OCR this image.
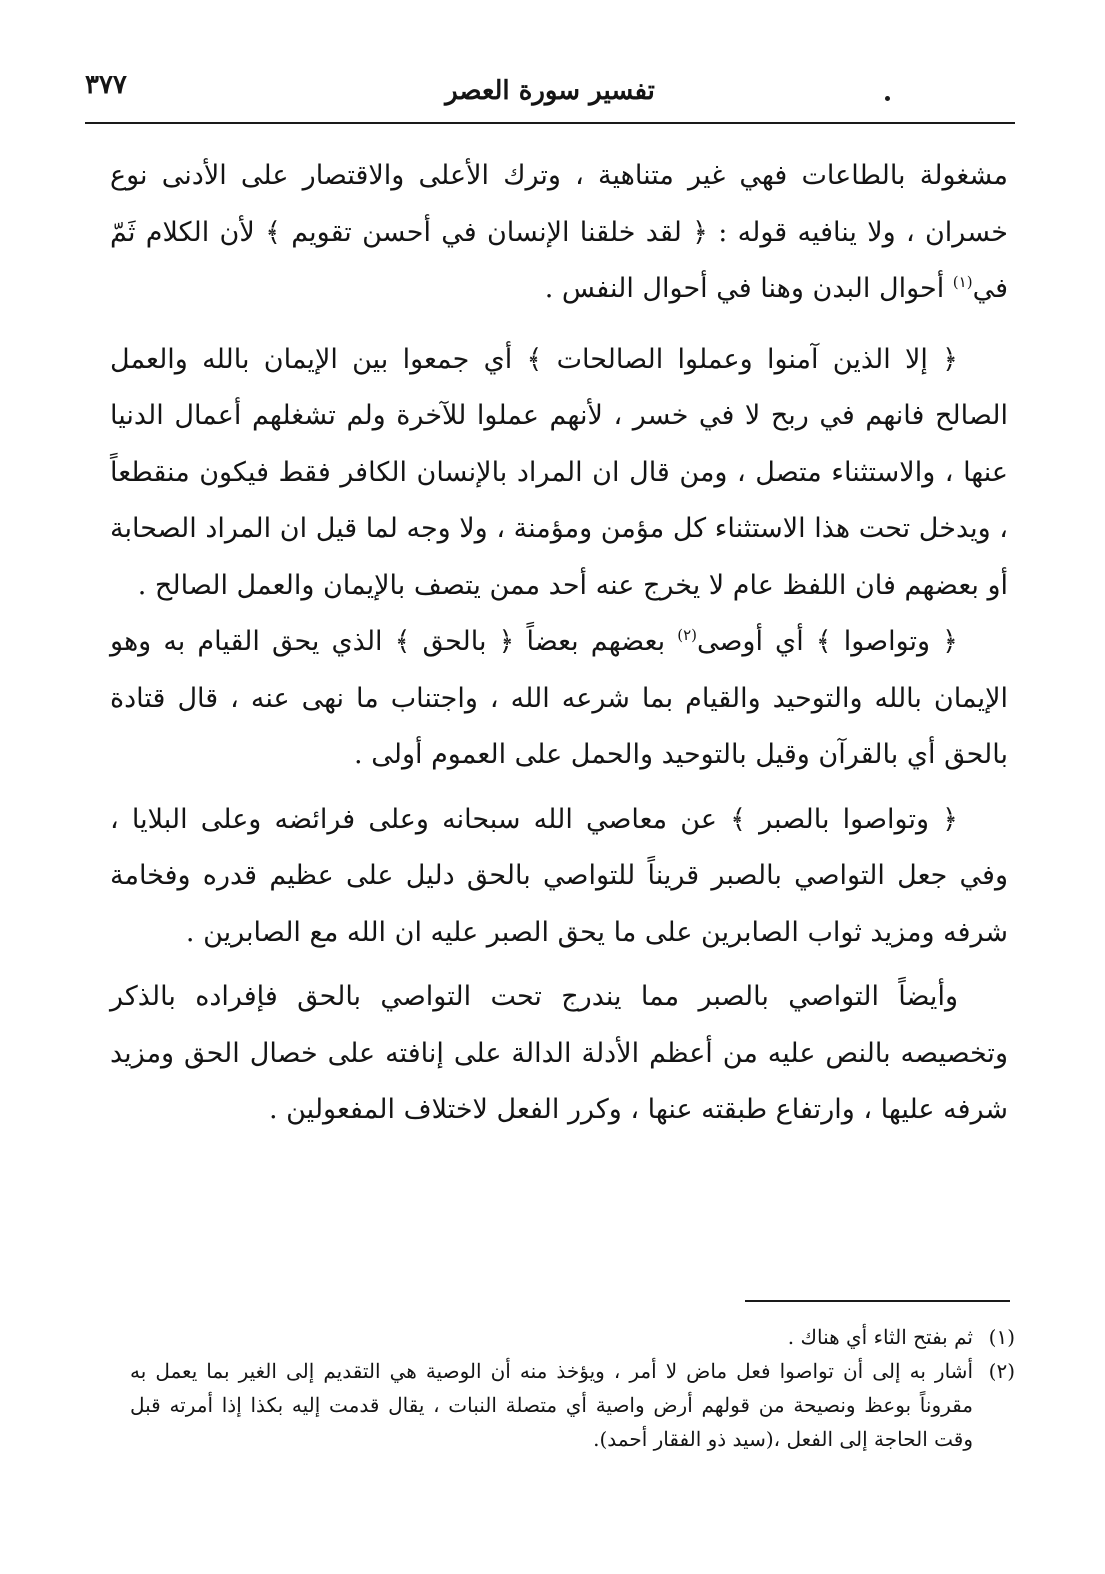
٣٧٧	تفسير سورة العصر

مشغولة بالطاعات فهي غير متناهية ، وترك الأعلى والاقتصار على الأدنى نوع خسران ، ولا ينافيه قوله : ﴿ لقد خلقنا الإنسان في أحسن تقويم ﴾ لأن الكلام ثَمّ في$^{(١)}$ أحوال البدن وهنا في أحوال النفس .

﴿ إلا الذين آمنوا وعملوا الصالحات ﴾ أي جمعوا بين الإيمان بالله والعمل الصالح فانهم في ربح لا في خسر ، لأنهم عملوا للآخرة ولم تشغلهم أعمال الدنيا عنها ، والاستثناء متصل ، ومن قال ان المراد بالإنسان الكافر فقط فيكون منقطعاً ، ويدخل تحت هذا الاستثناء كل مؤمن ومؤمنة ، ولا وجه لما قيل ان المراد الصحابة أو بعضهم فان اللفظ عام لا يخرج عنه أحد ممن يتصف بالإيمان والعمل الصالح .

﴿ وتواصوا ﴾ أي أوصى$^{(٢)}$ بعضهم بعضاً ﴿ بالحق ﴾ الذي يحق القيام به وهو الإيمان بالله والتوحيد والقيام بما شرعه الله ، واجتناب ما نهى عنه ، قال قتادة بالحق أي بالقرآن وقيل بالتوحيد والحمل على العموم أولى .

﴿ وتواصوا بالصبر ﴾ عن معاصي الله سبحانه وعلى فرائضه وعلى البلايا ، وفي جعل التواصي بالصبر قريناً للتواصي بالحق دليل على عظيم قدره وفخامة شرفه ومزيد ثواب الصابرين على ما يحق الصبر عليه ان الله مع الصابرين .

وأيضاً التواصي بالصبر مما يندرج تحت التواصي بالحق فإفراده بالذكر وتخصيصه بالنص عليه من أعظم الأدلة الدالة على إنافته على خصال الحق ومزيد شرفه عليها ، وارتفاع طبقته عنها ، وكرر الفعل لاختلاف المفعولين .

(١)
ثم بفتح الثاء أي هناك .

(٢)
أشار به إلى أن تواصوا فعل ماض لا أمر ، ويؤخذ منه أن الوصية هي التقديم إلى الغير بما يعمل به مقروناً بوعظ ونصيحة من قولهم أرض واصية أي متصلة النبات ، يقال قدمت إليه بكذا إذا أمرته قبل وقت الحاجة إلى الفعل ،(سيد ذو الفقار أحمد).
